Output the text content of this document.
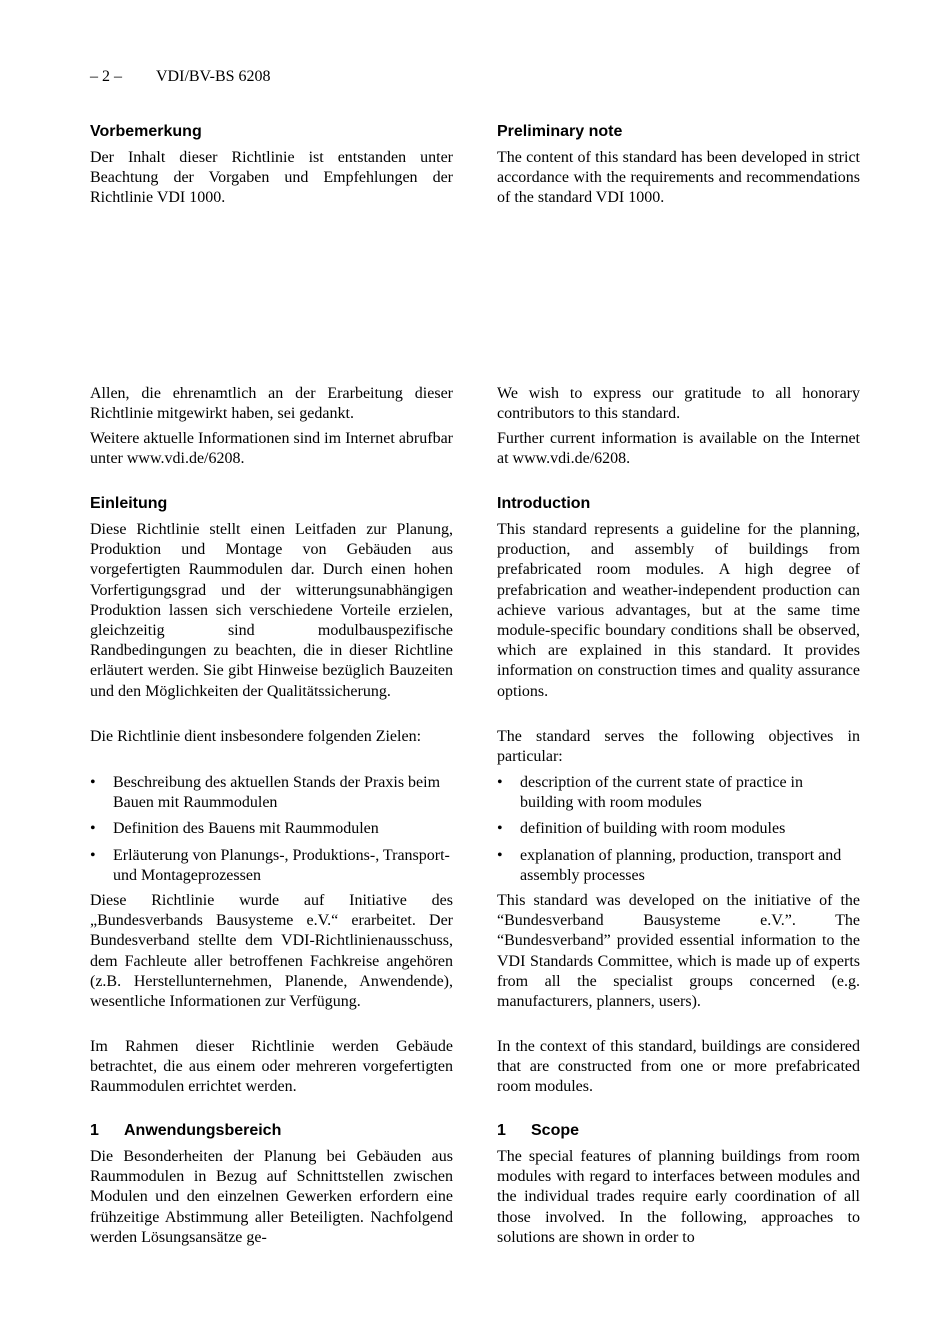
– 2 – VDI/BV-BS 6208
Vorbemerkung

Der Inhalt dieser Richtlinie ist entstanden unter Beachtung der Vorgaben und Empfehlungen der Richtlinie VDI 1000.

Allen, die ehrenamtlich an der Erarbeitung dieser Richtlinie mitgewirkt haben, sei gedankt.

Weitere aktuelle Informationen sind im Internet abrufbar unter www.vdi.de/6208.

Einleitung

Diese Richtlinie stellt einen Leitfaden zur Planung, Produktion und Montage von Gebäuden aus vorgefertigten Raummodulen dar. Durch einen hohen Vorfertigungsgrad und der witterungsunabhängigen Produktion lassen sich verschiedene Vorteile erzielen, gleichzeitig sind modulbauspezifische Randbedingungen zu beachten, die in dieser Richtline erläutert werden. Sie gibt Hinweise bezüglich Bauzeiten und den Möglichkeiten der Qualitätssicherung.

Die Richtlinie dient insbesondere folgenden Zielen:

•	Beschreibung des aktuellen Stands der Praxis beim Bauen mit Raummodulen
•	Definition des Bauens mit Raummodulen
•	Erläuterung von Planungs-, Produktions-, Transport- und Montageprozessen

Diese Richtlinie wurde auf Initiative des „Bundesverbands Bausysteme e.V.“ erarbeitet. Der Bundesverband stellte dem VDI-Richtlinienausschuss, dem Fachleute aller betroffenen Fachkreise angehören (z.B. Herstellunternehmen, Planende, Anwendende), wesentliche Informationen zur Verfügung.

Im Rahmen dieser Richtlinie werden Gebäude betrachtet, die aus einem oder mehreren vorgefertigten Raummodulen errichtet werden.

1 Anwendungsbereich

Die Besonderheiten der Planung bei Gebäuden aus Raummodulen in Bezug auf Schnittstellen zwischen Modulen und den einzelnen Gewerken erfordern eine frühzeitige Abstimmung aller Beteiligten. Nachfolgend werden Lösungsansätze ge-

Preliminary note

The content of this standard has been developed in strict accordance with the requirements and recommendations of the standard VDI 1000.

We wish to express our gratitude to all honorary contributors to this standard.

Further current information is available on the Internet at www.vdi.de/6208.

Introduction

This standard represents a guideline for the planning, production, and assembly of buildings from prefabricated room modules. A high degree of prefabrication and weather-independent production can achieve various advantages, but at the same time module-specific boundary conditions shall be observed, which are explained in this standard. It provides information on construction times and quality assurance options.

The standard serves the following objectives in particular:

•	description of the current state of practice in building with room modules
•	definition of building with room modules
•	explanation of planning, production, transport and assembly processes

This standard was developed on the initiative of the “Bundesverband Bausysteme e.V.”. The “Bundesverband” provided essential information to the VDI Standards Committee, which is made up of experts from all the specialist groups concerned (e.g. manufacturers, planners, users).

In the context of this standard, buildings are considered that are constructed from one or more prefabricated room modules.

1 Scope

The special features of planning buildings from room modules with regard to interfaces between modules and the individual trades require early coordination of all those involved. In the following, approaches to solutions are shown in order to
